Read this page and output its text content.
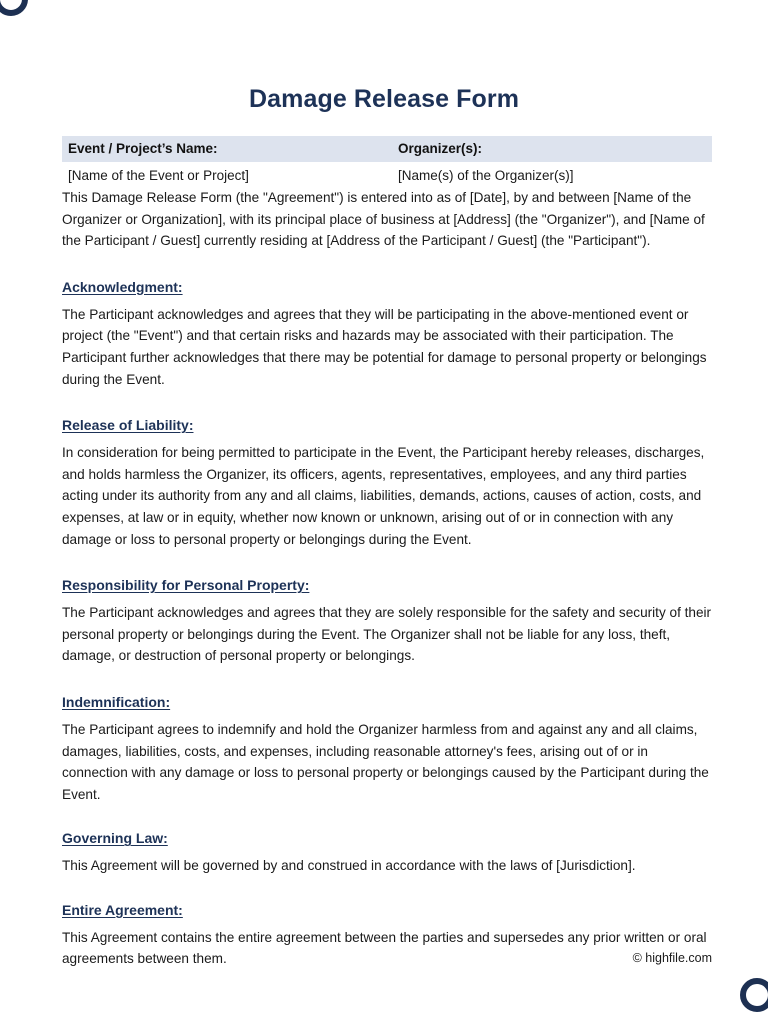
Damage Release Form
Event / Project’s Name:	Organizer(s):
[Name of the Event or Project]	[Name(s) of the Organizer(s)]

This Damage Release Form (the "Agreement") is entered into as of [Date], by and between [Name of the Organizer or Organization], with its principal place of business at [Address] (the "Organizer"), and [Name of the Participant / Guest] currently residing at [Address of the Participant / Guest] (the "Participant").

Acknowledgment:

The Participant acknowledges and agrees that they will be participating in the above-mentioned event or project (the "Event") and that certain risks and hazards may be associated with their participation. The Participant further acknowledges that there may be potential for damage to personal property or belongings during the Event.

Release of Liability:

In consideration for being permitted to participate in the Event, the Participant hereby releases, discharges, and holds harmless the Organizer, its officers, agents, representatives, employees, and any third parties acting under its authority from any and all claims, liabilities, demands, actions, causes of action, costs, and expenses, at law or in equity, whether now known or unknown, arising out of or in connection with any damage or loss to personal property or belongings during the Event.

Responsibility for Personal Property:

The Participant acknowledges and agrees that they are solely responsible for the safety and security of their personal property or belongings during the Event. The Organizer shall not be liable for any loss, theft, damage, or destruction of personal property or belongings.

Indemnification:

The Participant agrees to indemnify and hold the Organizer harmless from and against any and all claims, damages, liabilities, costs, and expenses, including reasonable attorney's fees, arising out of or in connection with any damage or loss to personal property or belongings caused by the Participant during the Event.

Governing Law:

This Agreement will be governed by and construed in accordance with the laws of [Jurisdiction].

Entire Agreement:

This Agreement contains the entire agreement between the parties and supersedes any prior written or oral agreements between them.	© highfile.com
